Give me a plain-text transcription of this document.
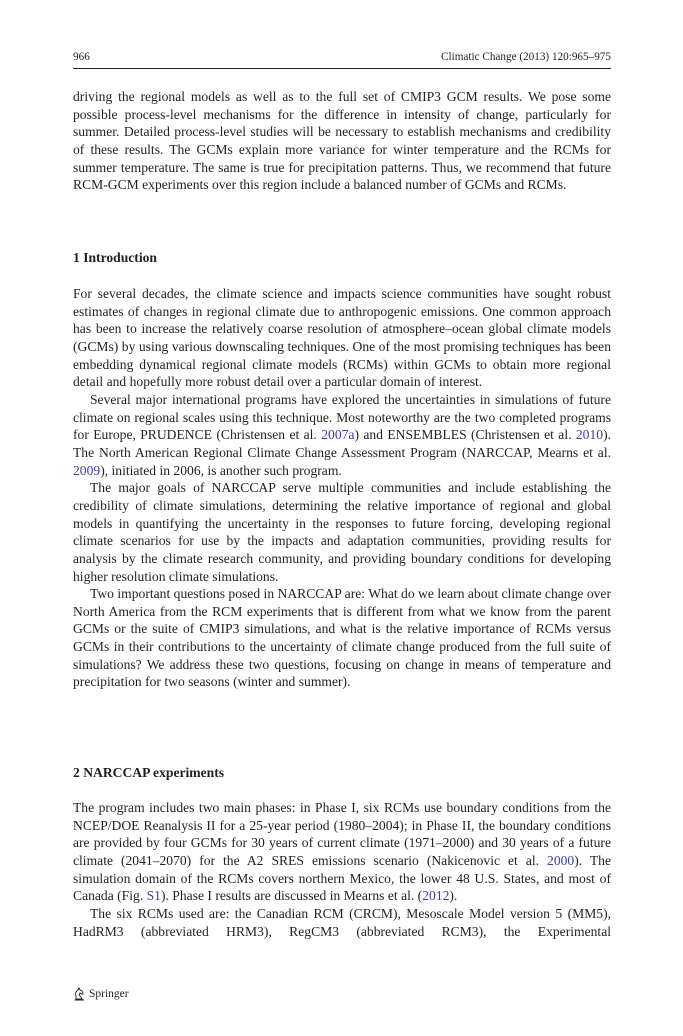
966	Climatic Change (2013) 120:965–975

driving the regional models as well as to the full set of CMIP3 GCM results. We pose some possible process-level mechanisms for the difference in intensity of change, particularly for summer. Detailed process-level studies will be necessary to establish mechanisms and credibility of these results. The GCMs explain more variance for winter temperature and the RCMs for summer temperature. The same is true for precipitation patterns. Thus, we recommend that future RCM-GCM experiments over this region include a balanced number of GCMs and RCMs.

1 Introduction

For several decades, the climate science and impacts science communities have sought robust estimates of changes in regional climate due to anthropogenic emissions. One common approach has been to increase the relatively coarse resolution of atmosphere–ocean global climate models (GCMs) by using various downscaling techniques. One of the most promising techniques has been embedding dynamical regional climate models (RCMs) within GCMs to obtain more regional detail and hopefully more robust detail over a particular domain of interest.

Several major international programs have explored the uncertainties in simulations of future climate on regional scales using this technique. Most noteworthy are the two completed programs for Europe, PRUDENCE (Christensen et al. 2007a) and ENSEMBLES (Christensen et al. 2010). The North American Regional Climate Change Assessment Program (NARCCAP, Mearns et al. 2009), initiated in 2006, is another such program.

The major goals of NARCCAP serve multiple communities and include establishing the credibility of climate simulations, determining the relative importance of regional and global models in quantifying the uncertainty in the responses to future forcing, developing regional climate scenarios for use by the impacts and adaptation communities, providing results for analysis by the climate research community, and providing boundary conditions for developing higher resolution climate simulations.

Two important questions posed in NARCCAP are: What do we learn about climate change over North America from the RCM experiments that is different from what we know from the parent GCMs or the suite of CMIP3 simulations, and what is the relative importance of RCMs versus GCMs in their contributions to the uncertainty of climate change produced from the full suite of simulations? We address these two questions, focusing on change in means of temperature and precipitation for two seasons (winter and summer).

2 NARCCAP experiments

The program includes two main phases: in Phase I, six RCMs use boundary conditions from the NCEP/DOE Reanalysis II for a 25-year period (1980–2004); in Phase II, the boundary conditions are provided by four GCMs for 30 years of current climate (1971–2000) and 30 years of a future climate (2041–2070) for the A2 SRES emissions scenario (Nakicenovic et al. 2000). The simulation domain of the RCMs covers northern Mexico, the lower 48 U.S. States, and most of Canada (Fig. S1). Phase I results are discussed in Mearns et al. (2012).

The six RCMs used are: the Canadian RCM (CRCM), Mesoscale Model version 5 (MM5), HadRM3 (abbreviated HRM3), RegCM3 (abbreviated RCM3), the Experimental

Springer
